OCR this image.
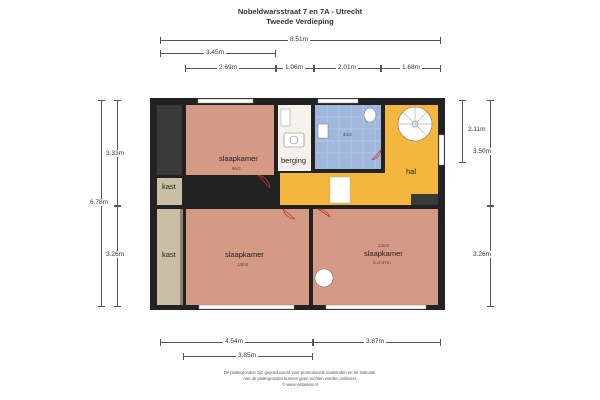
Nobeldwarsstraat 7 en 7A - Utrecht
Tweede Verdieping
8.51m
3.45m
2.69m	1.06m	2.01m	1.68m
6.78m
3.33m
3.26m
2.11m
3.50m
3.26m
4.54m	3.87m
3.85m
slaapkamer
9m2
berging
4m2
hal
kast
kast	slaapkamer
13m2
13m2
slaapkamer
b=2.47m
De plattegronden zijn geproduceerd voor promotionele doeleinden en ter indicatie.
Aan de plattegronden kunnen geen rechten worden ontleend.
© www.vistaview.nl
